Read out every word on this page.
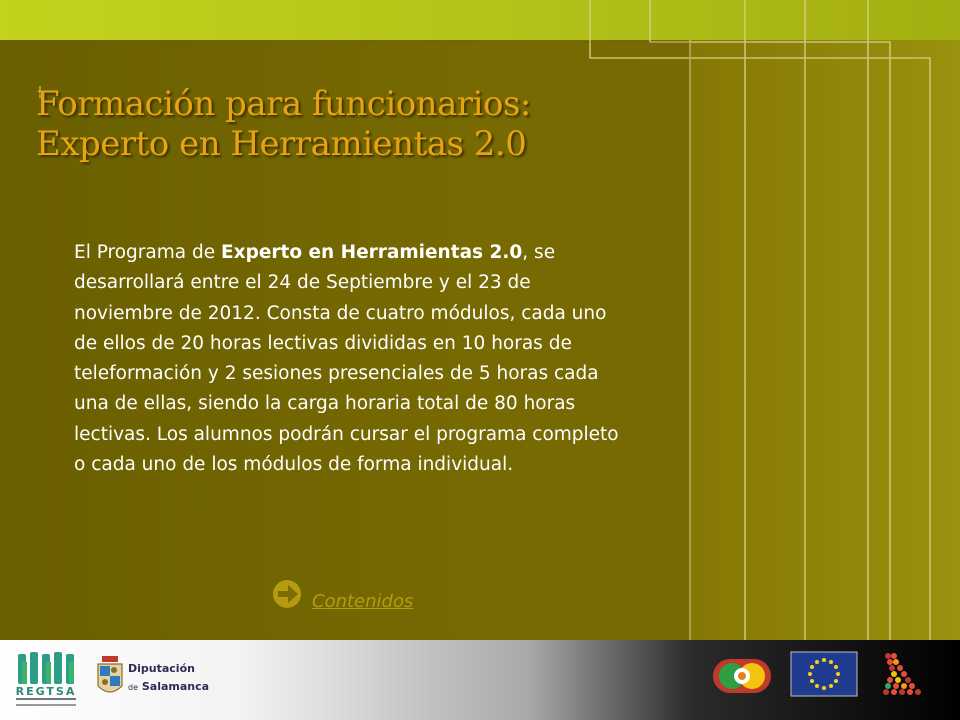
Formación para funcionarios:
Experto en Herramientas 2.0

El Programa de Experto en Herramientas 2.0, se desarrollará entre el 24 de Septiembre y el 23 de noviembre de 2012. Consta de cuatro módulos, cada uno de ellos de 20 horas lectivas divididas en 10 horas de teleformación y 2 sesiones presenciales de 5 horas cada una de ellas, siendo la carga horaria total de 80 horas lectivas. Los alumnos podrán cursar el programa completo o cada uno de los módulos de forma individual.

Contenidos
REGTSA
Diputación
de Salamanca
